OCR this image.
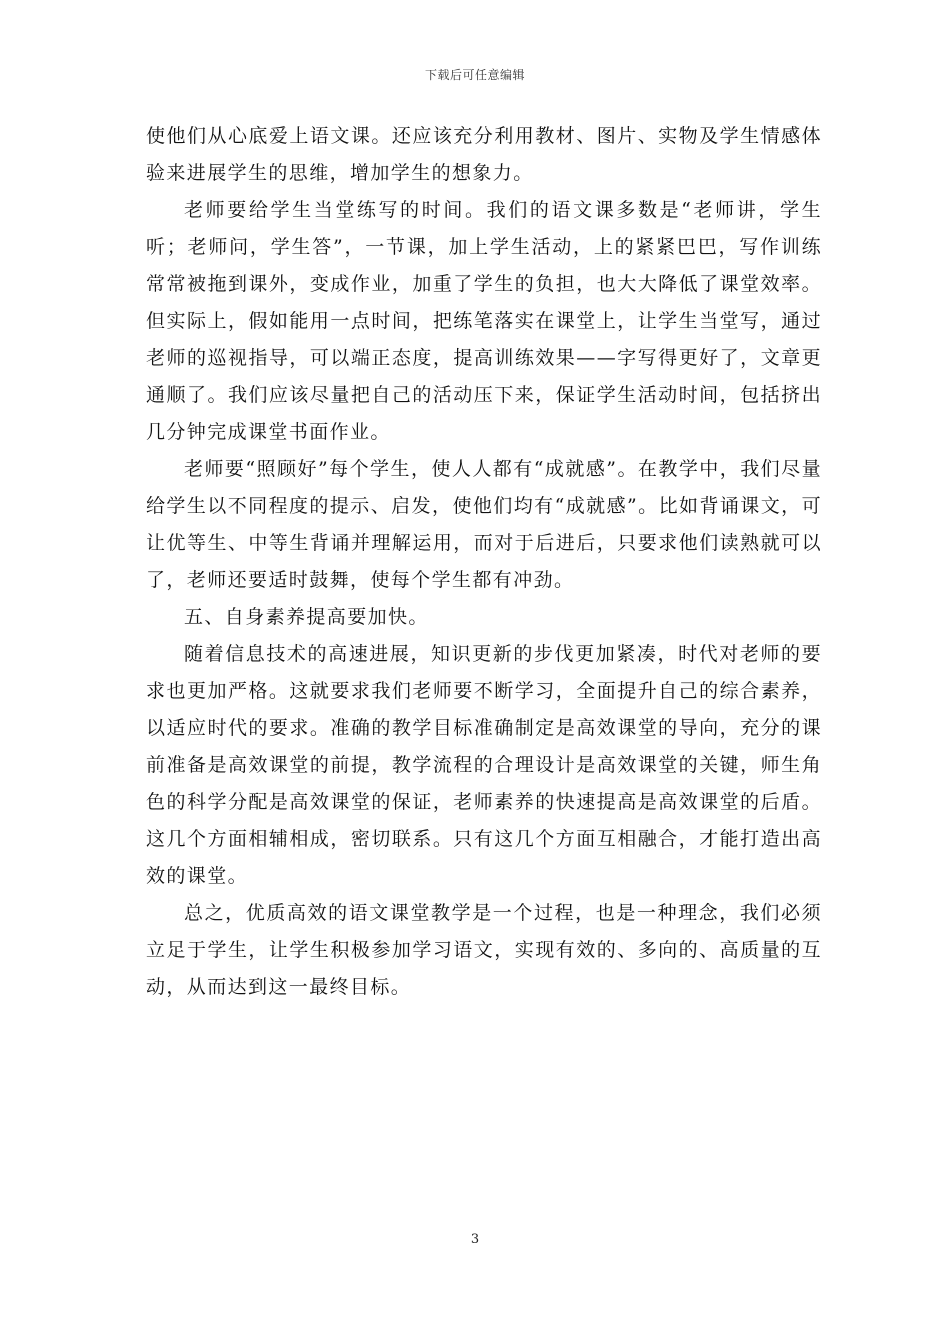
下载后可任意编辑

使他们从心底爱上语文课。还应该充分利用教材、图片、实物及学生情感体验来进展学生的思维，增加学生的想象力。

老师要给学生当堂练写的时间。我们的语文课多数是“老师讲，学生听；老师问，学生答”，一节课，加上学生活动，上的紧紧巴巴，写作训练常常被拖到课外，变成作业，加重了学生的负担，也大大降低了课堂效率。但实际上，假如能用一点时间，把练笔落实在课堂上，让学生当堂写，通过老师的巡视指导，可以端正态度，提高训练效果——字写得更好了，文章更通顺了。我们应该尽量把自己的活动压下来，保证学生活动时间，包括挤出几分钟完成课堂书面作业。

老师要“照顾好”每个学生，使人人都有“成就感”。在教学中，我们尽量给学生以不同程度的提示、启发，使他们均有“成就感”。比如背诵课文，可让优等生、中等生背诵并理解运用，而对于后进后，只要求他们读熟就可以了，老师还要适时鼓舞，使每个学生都有冲劲。

五、自身素养提高要加快。

随着信息技术的高速进展，知识更新的步伐更加紧凑，时代对老师的要求也更加严格。这就要求我们老师要不断学习，全面提升自己的综合素养，以适应时代的要求。准确的教学目标准确制定是高效课堂的导向，充分的课前准备是高效课堂的前提，教学流程的合理设计是高效课堂的关键，师生角色的科学分配是高效课堂的保证，老师素养的快速提高是高效课堂的后盾。这几个方面相辅相成，密切联系。只有这几个方面互相融合，才能打造出高效的课堂。

总之，优质高效的语文课堂教学是一个过程，也是一种理念，我们必须立足于学生，让学生积极参加学习语文，实现有效的、多向的、高质量的互动，从而达到这一最终目标。

3
